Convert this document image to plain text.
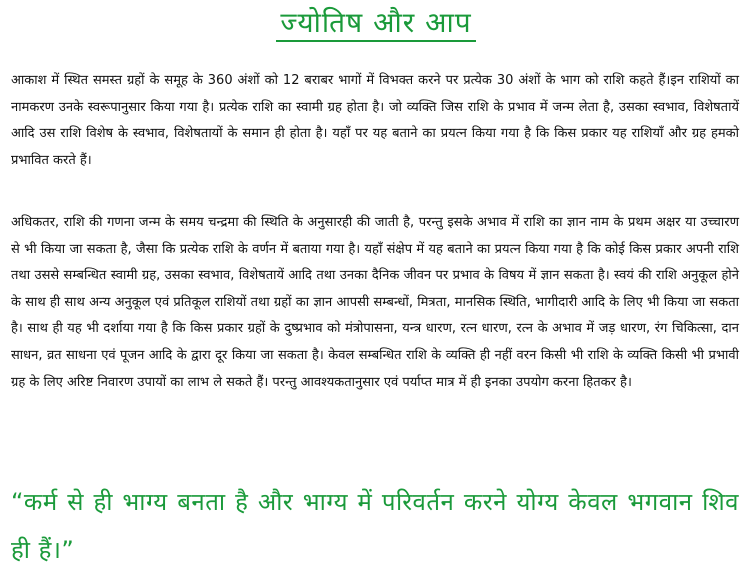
ज्योतिष और आप

आकाश में स्थित समस्त ग्रहों के समूह के 360 अंशों को 12 बराबर भागों में विभक्त करने पर प्रत्येक 30 अंशों के भाग को राशि कहते हैं।इन राशियों का नामकरण उनके स्वरूपानुसार किया गया है। प्रत्येक राशि का स्वामी ग्रह होता है। जो व्यक्ति जिस राशि के प्रभाव में जन्म लेता है, उसका स्वभाव, विशेषतायें आदि उस राशि विशेष के स्वभाव, विशेषतायों के समान ही होता है। यहाँ पर यह बताने का प्रयत्न किया गया है कि किस प्रकार यह राशियाँ और ग्रह हमको प्रभावित करते हैं।

अधिकतर, राशि की गणना जन्म के समय चन्द्रमा की स्थिति के अनुसारही की जाती है, परन्तु इसके अभाव में राशि का ज्ञान नाम के प्रथम अक्षर या उच्चारण से भी किया जा सकता है, जैसा कि प्रत्येक राशि के वर्णन में बताया गया है। यहाँ संक्षेप में यह बताने का प्रयत्न किया गया है कि कोई किस प्रकार अपनी राशि तथा उससे सम्बन्धित स्वामी ग्रह, उसका स्वभाव, विशेषतायें आदि तथा उनका दैनिक जीवन पर प्रभाव के विषय में ज्ञान सकता है। स्वयं की राशि अनुकूल होने के साथ ही साथ अन्य अनुकूल एवं प्रतिकूल राशियों तथा ग्रहों का ज्ञान आपसी सम्बन्धों, मित्रता, मानसिक स्थिति, भागीदारी आदि के लिए भी किया जा सकता है। साथ ही यह भी दर्शाया गया है कि किस प्रकार ग्रहों के दुष्प्रभाव को मंत्रोपासना, यन्त्र धारण, रत्न धारण, रत्न के अभाव में जड़ धारण, रंग चिकित्सा, दान साधन, व्रत साधना एवं पूजन आदि के द्वारा दूर किया जा सकता है। केवल सम्बन्धित राशि के व्यक्ति ही नहीं वरन किसी भी राशि के व्यक्ति किसी भी प्रभावी ग्रह के लिए अरिष्ट निवारण उपायों का लाभ ले सकते हैं। परन्तु आवश्यकतानुसार एवं पर्याप्त मात्र में ही इनका उपयोग करना हितकर है।

“कर्म से ही भाग्य बनता है और भाग्य में परिवर्तन करने योग्य केवल भगवान शिव ही हैं।”
